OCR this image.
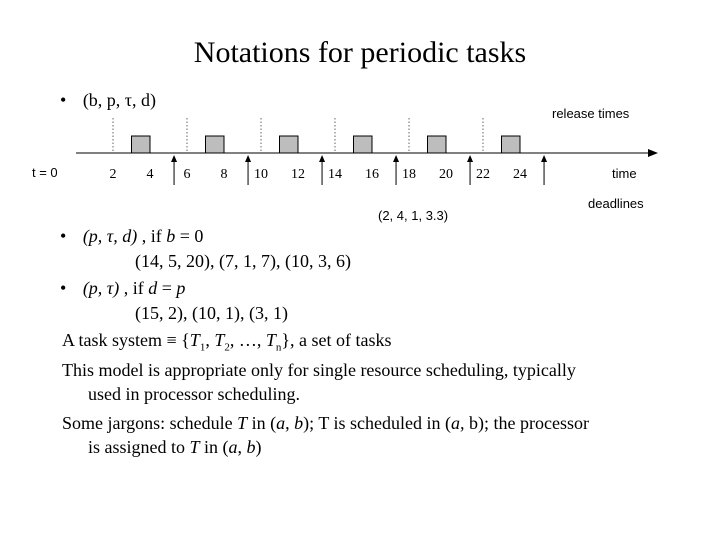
Notations for periodic tasks
• (b, p, τ, d)
release times
2 4 6 8 10 12 14 16 18 20 22 24
t = 0	time
deadlines
(2, 4, 1, 3.3)
• (p, τ, d) , if b = 0
(14, 5, 20), (7, 1, 7), (10, 3, 6)
• (p, τ) , if d = p
(15, 2), (10, 1), (3, 1)
A task system ≡ {$T_1$, $T_2$, …, $T_n$}, a set of tasks
This model is appropriate only for single resource scheduling, typically
used in processor scheduling.
Some jargons: schedule T in (a, b); T is scheduled in (a, b); the processor
is assigned to T in (a, b)
